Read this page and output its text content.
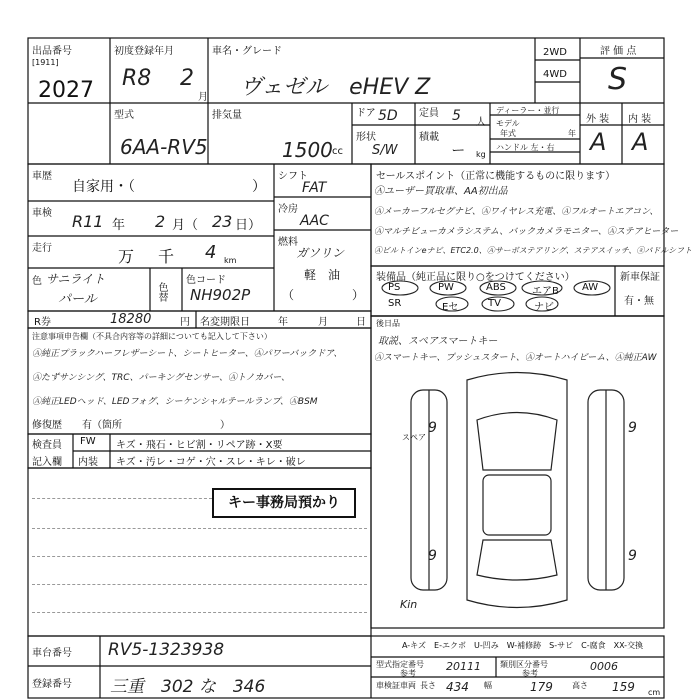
出品番号
[1911]
2027
初度登録年月
R8 2
月
車名・グレード
ヴェゼル　eHEV Z
2WD
4WD
評 価 点
S
型式
6AA-RV5
排気量
1500 cc
ドア 5D
形状
S/W
定員 5 人
積載
ー kg
ディーラー・並行
モデル
年式	年
ハンドル 左・右
外 装 内 装
A A
車歴
自家用・（	）
車検 R11 年 2 月（ 23 日）
走行	万 千 4 km
色 サニライト
パール	色替
色コード
NH902P
シフト
FAT
冷房
AAC
燃料
ガソリン
軽　油
（	）
R券	18280	円 名変期限日	年	月	日
セールスポイント（正常に機能するものに限ります）
Ⓐユーザー買取車、AA初出品
Ⓐメーカーフルセグナビ、Ⓐワイヤレス充電、Ⓐフルオートエアコン、
Ⓐマルチビューカメラシステム、バックカメラモニター、Ⓐステアヒーター
Ⓐビルトインeナビ、ETC2.0、Ⓐサーボステアリング、ステアスイッチ、ⓐパドルシフト
装備品（純正品に限り○をつけてください）	新車保証
有・無
PS	PW	ABS	エアB AW
SR	Eセ	TV	ナビ
後日品
取説、スペアスマートキー
注意事項申告欄（不具合内容等の詳細についても記入して下さい）
Ⓐ純正プラックハーフレザーシート、シートヒーター、Ⓐパワーバックドア、	Ⓐスマートキー、プッシュスタート、Ⓐオートハイビーム、Ⓐ純正AW
Ⓐたずサンシング、TRC、パーキングセンサー、Ⓐトノカバー、
Ⓐ純正LEDヘッド、LEDフォグ、シーケンシャルテールランプ、ⒶBSM
修復歴　　有（箇所	）
検査員
記入欄
FW キズ・飛石・ヒビ割・リペア跡・X要
内装 キズ・汚レ・コゲ・穴・スレ・キレ・破レ
キー事務局預かり
9	9
9	9
Kin
スペア
A-キズ　E-エクボ　U-凹み　W-補修跡　S-サビ　C-腐食　XX-交換
型式指定番号
参考
20111 類別区分番号
参考
0006
車検証車両 長さ 434 幅	179 高さ 159 cm
車台番号 RV5-1323938
登録番号 三重　302 な　346
